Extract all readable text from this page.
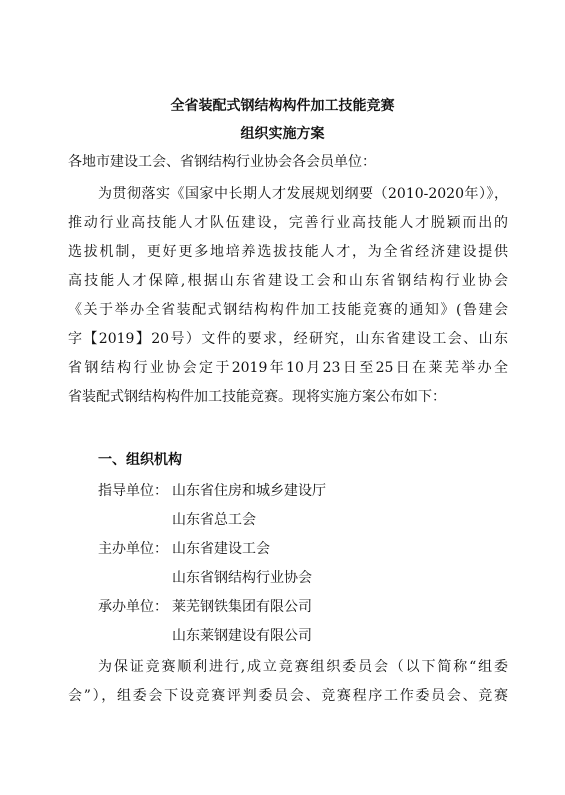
全省装配式钢结构构件加工技能竞赛
组织实施方案
各地市建设工会、省钢结构行业协会各会员单位：
为贯彻落实《国家中长期人才发展规划纲要（2010-2020年）》，
推动行业高技能人才队伍建设，完善行业高技能人才脱颖而出的
选拔机制，更好更多地培养选拔技能人才，为全省经济建设提供
高技能人才保障,根据山东省建设工会和山东省钢结构行业协会
《关于举办全省装配式钢结构构件加工技能竞赛的通知》(鲁建会
字【2019】20号）文件的要求，经研究，山东省建设工会、山东
省钢结构行业协会定于2019年10月23日至25日在莱芜举办全
省装配式钢结构构件加工技能竞赛。现将实施方案公布如下：
一、组织机构
指导单位： 山东省住房和城乡建设厅
山东省总工会
主办单位： 山东省建设工会
山东省钢结构行业协会
承办单位： 莱芜钢铁集团有限公司
山东莱钢建设有限公司
为保证竞赛顺利进行,成立竞赛组织委员会（以下简称“组委
会”），组委会下设竞赛评判委员会、竞赛程序工作委员会、竞赛
